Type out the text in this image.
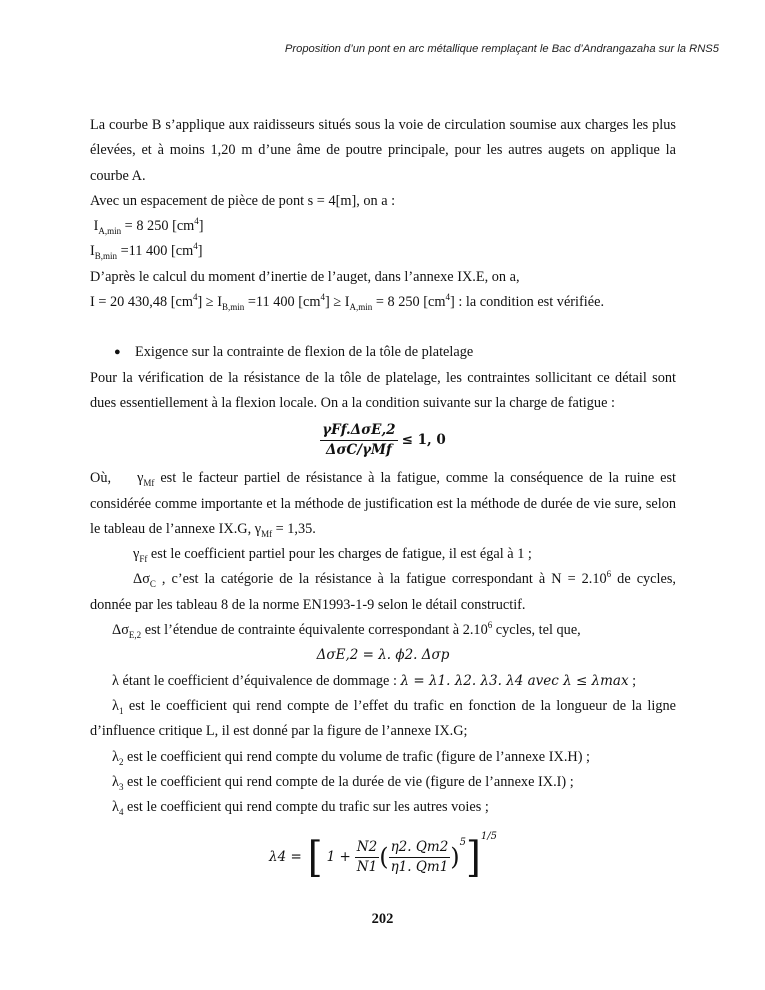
Proposition d’un pont en arc métallique remplaçant le Bac d’Andrangazaha sur la RNS5

La courbe B s’applique aux raidisseurs situés sous la voie de circulation soumise aux charges les plus élevées, et à moins 1,20 m d’une âme de poutre principale, pour les autres augets on applique la courbe A.

Avec un espacement de pièce de pont s = 4[m], on a :

$I_{A,min} = 8$ 250 $[cm^4]$

$I_{B,min} =11$ 400 $[cm^4]$

D’après le calcul du moment d’inertie de l’auget, dans l’annexe IX.E, on a,

I = 20 430,48 $[cm^4] \ge I_{B,min} =11$ 400 $[cm^4] \ge I_{A,min} = 8$ 250 $[cm^4]$ : la condition est vérifiée.

● Exigence sur la contrainte de flexion de la tôle de platelage

Pour la vérification de la résistance de la tôle de platelage, les contraintes sollicitant ce détail sont dues essentiellement à la flexion locale. On a la condition suivante sur la charge de fatigue :

$\frac{\text{γFf.ΔσE,2}}{\text{ΔσC/γMf}} \le 1$, 0

Où, $\gamma_{Mf}$ est le facteur partiel de résistance à la fatigue, comme la conséquence de la ruine est considérée comme importante et la méthode de justification est la méthode de durée de vie sure, selon le tableau de l’annexe IX.G, $\gamma_{Mf} = 1,35$.

$\gamma_{Ff}$ est le coefficient partiel pour les charges de fatigue, il est égal à 1 ;

$\Delta\sigma_C$ , c’est la catégorie de la résistance à la fatigue correspondant à $N = 2.10^6$ de cycles, donnée par les tableau 8 de la norme EN1993-1-9 selon le détail constructif.

$\Delta\sigma_{E,2}$ est l’étendue de contrainte équivalente correspondant à 2.10$^6$ cycles, tel que,

ΔσE,2 = λ. ϕ2. Δσp

λ étant le coefficient d’équivalence de dommage : λ = λ1. λ2. λ3. λ4 avec λ ≤ λmax ;

$\lambda_1$ est le coefficient qui rend compte de l’effet du trafic en fonction de la longueur de la ligne d’influence critique L, il est donné par la figure de l’annexe IX.G;

$\lambda_2$ est le coefficient qui rend compte du volume de trafic (figure de l’annexe IX.H) ;

$\lambda_3$ est le coefficient qui rend compte de la durée de vie (figure de l’annexe IX.I) ;

$\lambda_4$ est le coefficient qui rend compte du trafic sur les autres voies ;

λ4 = [ $1 + \frac{N2}{N1}$ ( $\frac{\eta 2. Qm2}{\eta 1. Qm1} )^5$ ]$^{1/5}$
202
